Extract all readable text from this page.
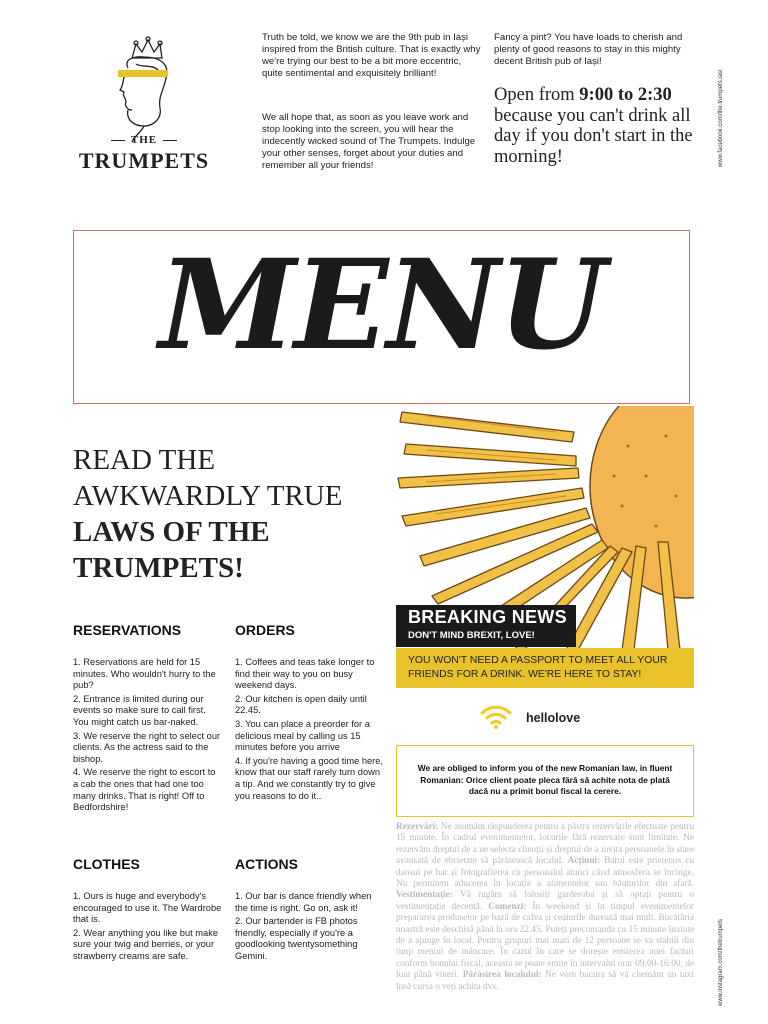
THE
TRUMPETS
Truth be told, we know we are the 9th pub in Iași inspired from the British culture. That is exactly why we're trying our best to be a bit more eccentric, quite sentimental and exquisitely brilliant!
We all hope that, as soon as you leave work and stop looking into the screen, you will hear the indecently wicked sound of The Trumpets. Indulge your other senses, forget about your duties and remember all your friends!
Fancy a pint? You have loads to cherish and plenty of good reasons to stay in this mighty decent British pub of Iași!
Open from 9:00 to 2:30 because you can't drink all day if you don't start in the morning!	www.facebook.com/the.trumpets.iasi
www.instagram.com/thetrumpets
MENU
READ THE
AWKWARDLY TRUE
LAWS OF THE
TRUMPETS!
RESERVATIONS

1. Reservations are held for 15 minutes. Who wouldn't hurry to the pub?

2. Entrance is limited during our events so make sure to call first. You might catch us bar-naked.

3. We reserve the right to select our clients. As the actress said to the bishop.

4. We reserve the right to escort to a cab the ones that had one too many drinks. That is right! Off to Bedfordshire!

ORDERS

1. Coffees and teas take longer to find their way to you on busy weekend days.

2. Our kitchen is open daily until 22.45.

3. You can place a preorder for a delicious meal by calling us 15 minutes before you arrive

4. If you're having a good time here, know that our staff rarely turn down a tip. And we constantly try to give you reasons to do it..

CLOTHES

1. Ours is huge and everybody's encouraged to use it. The Wardrobe that is.

2. Wear anything you like but make sure your twig and berries, or your strawberry creams are safe.

ACTIONS

1. Our bar is dance friendly when the time is right. Go on, ask it!

2. Our bartender is FB photos friendly, especially if you're a goodlooking twentysomething Gemini.

BREAKING NEWS
DON'T MIND BREXIT, LOVE!
YOU WON'T NEED A PASSPORT TO MEET ALL YOUR FRIENDS FOR A DRINK. WE'RE HERE TO STAY!
hellolove
We are obliged to inform you of the new Romanian law, in fluent Romanian: Orice client poate pleca fără să achite nota de plată dacă nu a primit bonul fiscal la cerere.
Rezervări: Ne asumăm răspunderea pentru a păstra rezervările efectuate pentru 15 minute. În cadrul evenimentelor, locurile fără rezervare sunt limitate. Ne rezervăm dreptul de a ne selecta clienții și dreptul de a invita persoanele în stare avansată de ebrietate să părăsească localul. Acțiuni: Barul este prietenos cu dansul pe bar și fotografierea cu personalul atunci când atmosfera se încinge. Nu permitem aducerea în locație a alimentelor sau băuturilor din afară. Vestimentație: Vă rugăm să folosiți garderoba și să optați pentru o vestimentație decentă. Comenzi: În weekend și în timpul evenimentelor prepararea produselor pe bază de cafea și ceaiurile durează mai mult. Bucătăria noastră este deschisă până la ora 22.45. Puteți precomanda cu 15 minute înainte de a ajunge în local. Pentru grupuri mai mari de 12 persoane se va stabili din timp meniul de mâncare. În cazul în care se dorește emiterea unei facturi conform bonului fiscal, aceasta se poate emite în intervalul orar 09:00-16:00, de luni până vineri. Părăsirea localului: Ne vom bucura să vă chemăm un taxi însă cursa o veți achita dvs.
